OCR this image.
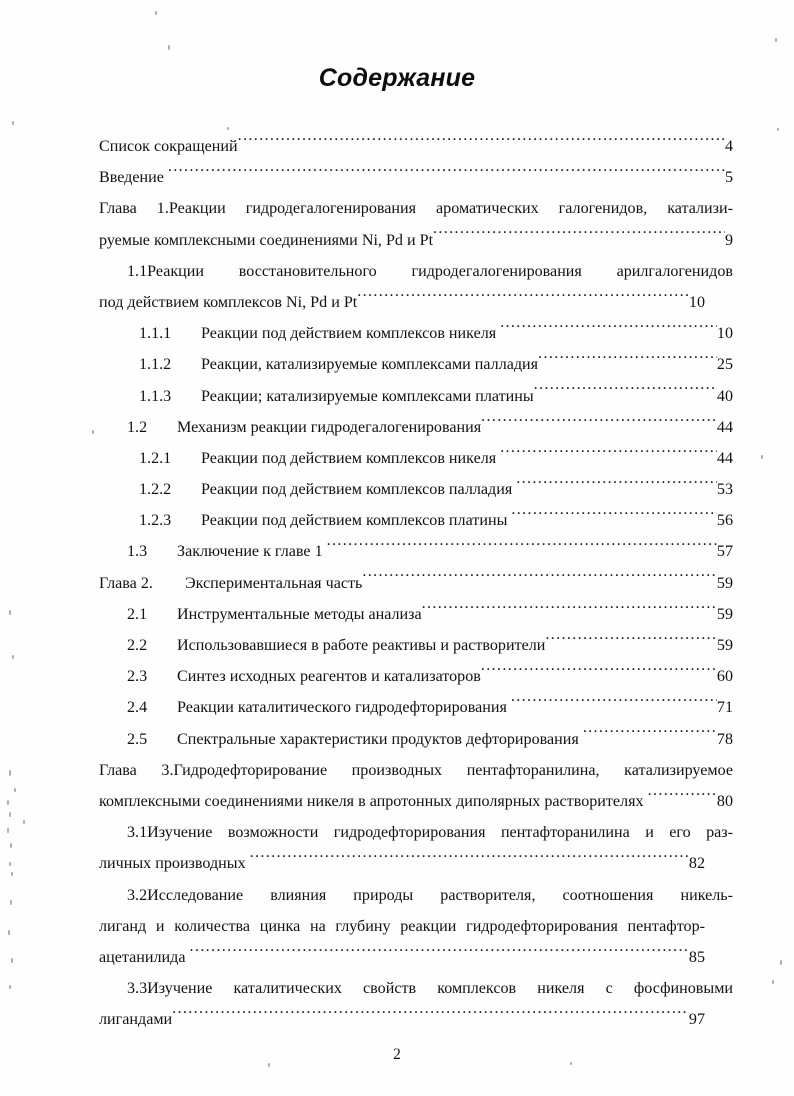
Содержание
Список сокращений .....	4
Введение .....	5
Глава 1.Реакции гидродегалогенирования ароматических галогенидов, катализи-
руемые комплексными соединениями Ni, Pd и Pt .....	9
1.1Реакции восстановительного гидродегалогенирования арилгалогенидов
под действием комплексов Ni, Pd и Pt .....	10
1.1.1	Реакции под действием комплексов никеля .....	10
1.1.2	Реакции, катализируемые комплексами палладия .....	25
1.1.3	Реакции; катализируемые комплексами платины .....	40
1.2	Механизм реакции гидродегалогенирования .....	44
1.2.1	Реакции под действием комплексов никеля .....	44
1.2.2	Реакции под действием комплексов палладия .....	53
1.2.3	Реакции под действием комплексов платины .....	56
1.3	Заключение к главе 1 .....	57
Глава 2.	Экспериментальная часть .....	59
2.1	Инструментальные методы анализа .....	59
2.2	Использовавшиеся в работе реактивы и растворители .....	59
2.3	Синтез исходных реагентов и катализаторов .....	60
2.4	Реакции каталитического гидродефторирования .....	71
2.5	Спектральные характеристики продуктов дефторирования .....	78
Глава 3.Гидродефторирование производных пентафторанилина, катализируемое
комплексными соединениями никеля в апротонных диполярных растворителях .....	80
3.1Изучение возможности гидродефторирования пентафторанилина и его раз-
личных производных .....	82
3.2Исследование влияния природы растворителя, соотношения никель-
лиганд и количества цинка на глубину реакции гидродефторирования пентафтор-
ацетанилида .....	85
3.3Изучение каталитических свойств комплексов никеля с фосфиновыми
лигандами .....	97
2
